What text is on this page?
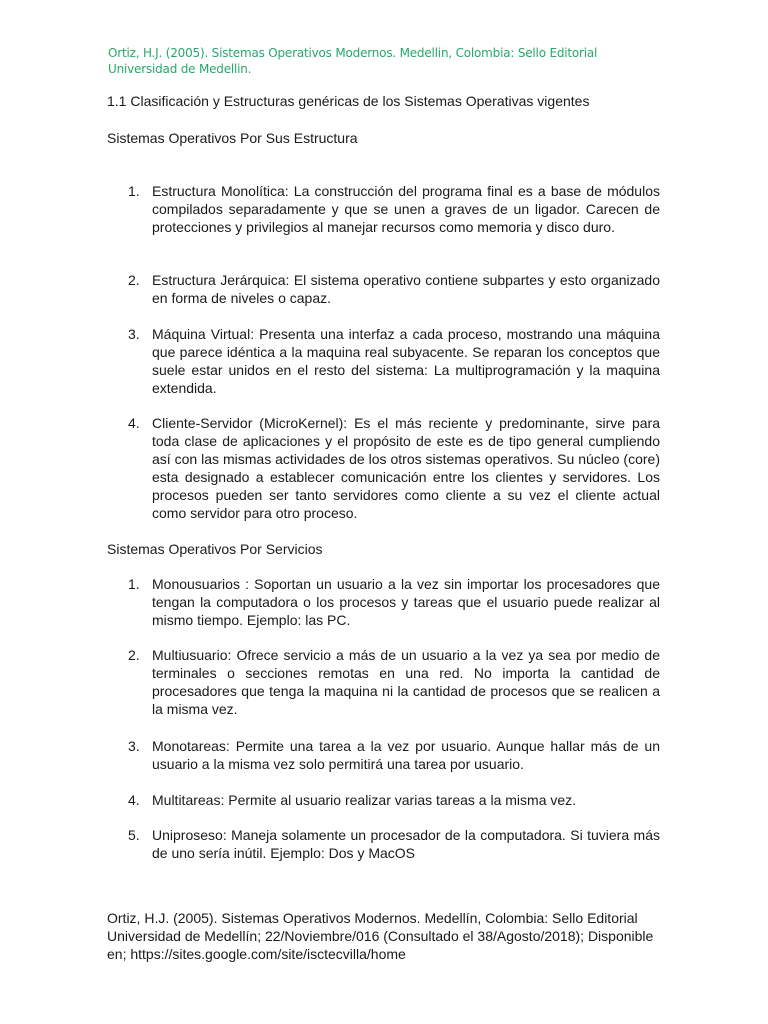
Ortiz, H.J. (2005). Sistemas Operativos Modernos. Medellin, Colombia: Sello Editorial Universidad de Medellin.
1.1 Clasificación y Estructuras genéricas de los Sistemas Operativas vigentes
Sistemas Operativos Por Sus Estructura
1. Estructura Monolítica: La construcción del programa final es a base de módulos compilados separadamente y que se unen a graves de un ligador. Carecen de protecciones y privilegios al manejar recursos como memoria y disco duro.
2. Estructura Jerárquica: El sistema operativo contiene subpartes y esto organizado en forma de niveles o capaz.
3. Máquina Virtual: Presenta una interfaz a cada proceso, mostrando una máquina que parece idéntica a la maquina real subyacente. Se reparan los conceptos que suele estar unidos en el resto del sistema: La multiprogramación y la maquina extendida.
4. Cliente-Servidor (MicroKernel): Es el más reciente y predominante, sirve para toda clase de aplicaciones y el propósito de este es de tipo general cumpliendo así con las mismas actividades de los otros sistemas operativos. Su núcleo (core) esta designado a establecer comunicación entre los clientes y servidores. Los procesos pueden ser tanto servidores como cliente a su vez el cliente actual como servidor para otro proceso.
Sistemas Operativos Por Servicios
1. Monousuarios : Soportan un usuario a la vez sin importar los procesadores que tengan la computadora o los procesos y tareas que el usuario puede realizar al mismo tiempo. Ejemplo: las PC.
2. Multiusuario: Ofrece servicio a más de un usuario a la vez ya sea por medio de terminales o secciones remotas en una red. No importa la cantidad de procesadores que tenga la maquina ni la cantidad de procesos que se realicen a la misma vez.
3. Monotareas: Permite una tarea a la vez por usuario. Aunque hallar más de un usuario a la misma vez solo permitirá una tarea por usuario.
4. Multitareas: Permite al usuario realizar varias tareas a la misma vez.
5. Uniproseso: Maneja solamente un procesador de la computadora. Si tuviera más de uno sería inútil. Ejemplo: Dos y MacOS
Ortiz, H.J. (2005). Sistemas Operativos Modernos. Medellín, Colombia: Sello Editorial Universidad de Medellín; 22/Noviembre/016 (Consultado el 38/Agosto/2018); Disponible en; https://sites.google.com/site/isctecvilla/home
